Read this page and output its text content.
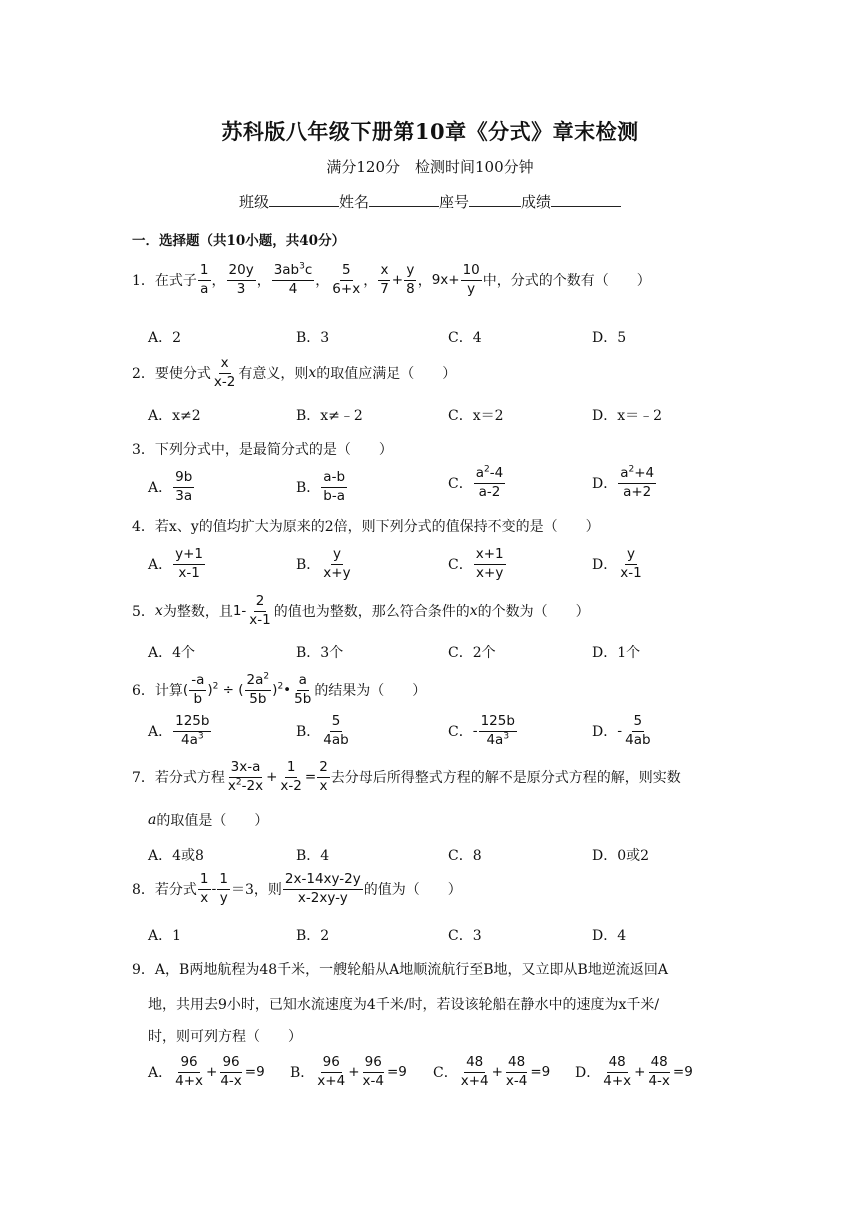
苏科版八年级下册第10章《分式》章末检测
满分120分　检测时间100分钟
班级	姓名	座号	成绩
一．选择题（共10小题，共40分）
1． 在式子 $\frac{1}{a}$ ， $\frac{20y}{3}$ ， $\frac{3ab^3c}{4}$ ， $\frac{5}{6+x}$ ， $\frac{x}{7} + \frac{y}{8}$ ， $9x+ \frac{10}{y}$ 中，分式的个数有（　　）
A．2	B．3	C．4	D．5
2． 要使分式 $\frac{x}{x-2}$ 有意义，则 x 的取值应满足（　　）
A．x≠2	B．x≠﹣2	C．x＝2	D．x＝﹣2
3． 下列分式中，是最简分式的是（　　）
A． $\frac{9b}{3a}$	B． $\frac{a-b}{b-a}$	C． $\frac{a^2-4}{a-2}$	D． $\frac{a^2+4}{a+2}$
4． 若x、y的值均扩大为原来的2倍，则下列分式的值保持不变的是（　　）
A． $\frac{y+1}{x-1}$	B． $\frac{y}{x+y}$	C． $\frac{x+1}{x+y}$	D． $\frac{y}{x-1}$
5． x 为整数，且 $1- \frac{2}{x-1}$ 的值也为整数，那么符合条件的 x 的个数为（　　）
A．4个	B．3个	C．2个	D．1个
6． 计算 ( $\frac{-a}{b} )^2$ ÷ ( $\frac{2a^2}{5b}$ )$^2$• $\frac{a}{5b}$ 的结果为（　　）
A． $\frac{125b}{4a^3}$	B． $\frac{5}{4ab}$	C． - $\frac{125b}{4a^3}$	D． - $\frac{5}{4ab}$
7． 若分式方程 $\frac{3x-a}{x^2-2x} + \frac{1}{x-2} = \frac{2}{x}$ 去分母后所得整式方程的解不是原分式方程的解，则实数
a 的取值是（　　）
A．4或8	B．4	C．8	D．0或2
8． 若分式 $\frac{1}{x} - \frac{1}{y} =3$，则 $\frac{2x-14xy-2y}{x-2xy-y}$ 的值为（　　）
A．1	B．2	C．3	D．4
9． A，B两地航程为48千米，一艘轮船从A地顺流航行至B地，又立即从B地逆流返回A
地，共用去9小时，已知水流速度为4千米/时，若设该轮船在静水中的速度为x千米/
时，则可列方程（　　）
A． $\frac{96}{4+x} + \frac{96}{4-x} =9$ B． $\frac{96}{x+4} + \frac{96}{x-4} =9$ C． $\frac{48}{x+4} + \frac{48}{x-4} =9$ D． $\frac{48}{4+x} + \frac{48}{4-x} =9$
